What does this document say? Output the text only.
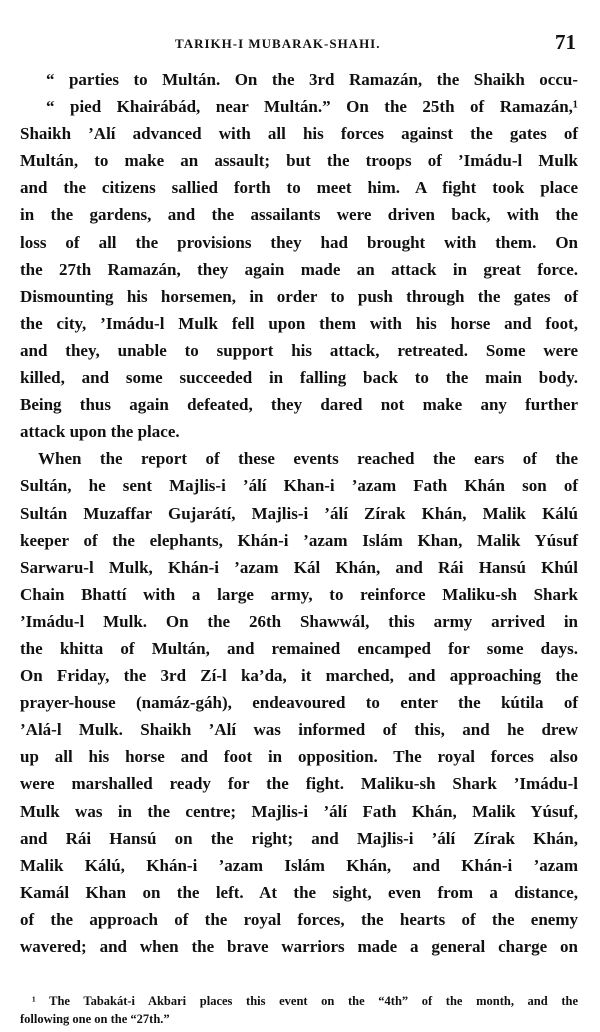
TARIKH-I MUBARAK-SHAHI.	71
“ parties to Multán. On the 3rd Ramazán, the Shaikh occu-
“ pied Khairábád, near Multán.” On the 25th of Ramazán,¹
Shaikh ’Alí advanced with all his forces against the gates of
Multán, to make an assault; but the troops of ’Imádu-l Mulk
and the citizens sallied forth to meet him. A fight took place
in the gardens, and the assailants were driven back, with the
loss of all the provisions they had brought with them. On
the 27th Ramazán, they again made an attack in great force.
Dismounting his horsemen, in order to push through the gates of
the city, ’Imádu-l Mulk fell upon them with his horse and foot,
and they, unable to support his attack, retreated. Some were
killed, and some succeeded in falling back to the main body.
Being thus again defeated, they dared not make any further
attack upon the place.
When the report of these events reached the ears of the
Sultán, he sent Majlis-i ’álí Khan-i ’azam Fath Khán son of
Sultán Muzaffar Gujarátí, Majlis-i ’álí Zírak Khán, Malik Kálú
keeper of the elephants, Khán-i ’azam Islám Khan, Malik Yúsuf
Sarwaru-l Mulk, Khán-i ’azam Kál Khán, and Rái Hansú Khúl
Chain Bhattí with a large army, to reinforce Maliku-sh Shark
’Imádu-l Mulk. On the 26th Shawwál, this army arrived in
the khitta of Multán, and remained encamped for some days.
On Friday, the 3rd Zí-l ka’da, it marched, and approaching the
prayer-house (namáz-gáh), endeavoured to enter the kútila of
’Alá-l Mulk. Shaikh ’Alí was informed of this, and he drew
up all his horse and foot in opposition. The royal forces also
were marshalled ready for the fight. Maliku-sh Shark ’Imádu-l
Mulk was in the centre; Majlis-i ’álí Fath Khán, Malik Yúsuf,
and Rái Hansú on the right; and Majlis-i ’álí Zírak Khán,
Malik Kálú, Khán-i ’azam Islám Khán, and Khán-i ’azam
Kamál Khan on the left. At the sight, even from a distance,
of the approach of the royal forces, the hearts of the enemy
wavered; and when the brave warriors made a general charge on
¹ The Tabakát-i Akbari places this event on the “4th” of the month, and the
following one on the “27th.”
